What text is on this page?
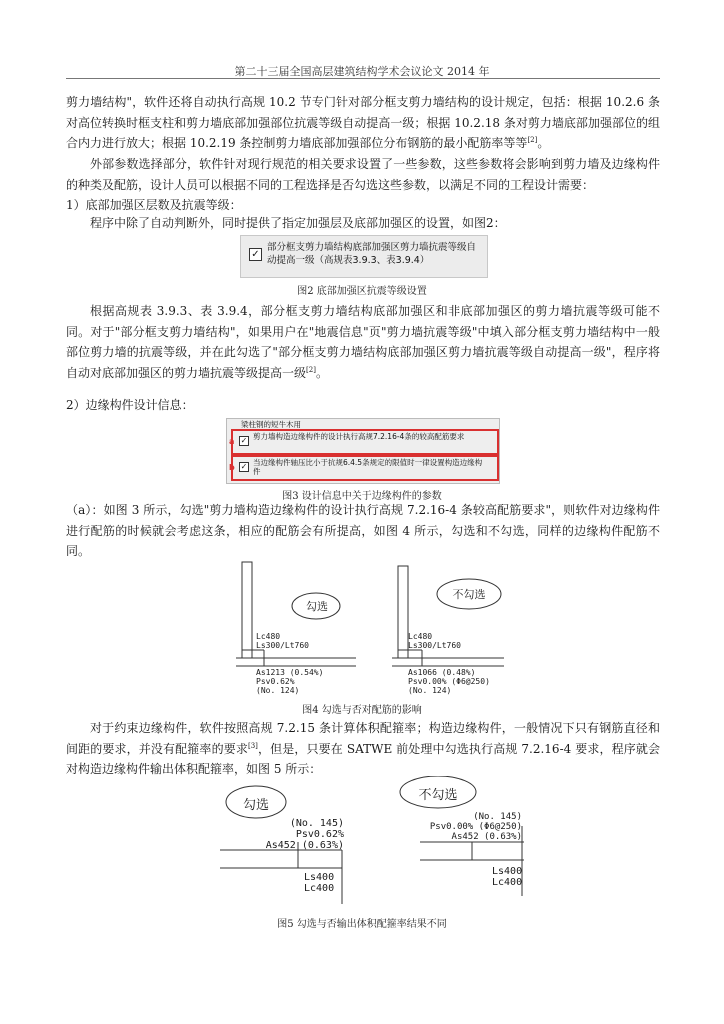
第二十三届全国高层建筑结构学术会议论文 2014 年
剪力墙结构"，软件还将自动执行高规 10.2 节专门针对部分框支剪力墙结构的设计规定，包括：根据 10.2.6 条对高位转换时框支柱和剪力墙底部加强部位抗震等级自动提高一级；根据 10.2.18 条对剪力墙底部加强部位的组合内力进行放大；根据 10.2.19 条控制剪力墙底部加强部位分布钢筋的最小配筋率等等[2]。
外部参数选择部分，软件针对现行规范的相关要求设置了一些参数，这些参数将会影响到剪力墙及边缘构件的种类及配筋，设计人员可以根据不同的工程选择是否勾选这些参数，以满足不同的工程设计需要：
1）底部加强区层数及抗震等级：
程序中除了自动判断外，同时提供了指定加强层及底部加强区的设置，如图2：
✓
部分框支剪力墙结构底部加强区剪力墙抗震等级自动提高一级（高规表3.9.3、表3.9.4）
图2 底部加强区抗震等级设置
根据高规表 3.9.3、表 3.9.4，部分框支剪力墙结构底部加强区和非底部加强区的剪力墙抗震等级可能不同。对于"部分框支剪力墙结构"，如果用户在"地震信息"页"剪力墙抗震等级"中填入部分框支剪力墙结构中一般部位剪力墙的抗震等级，并在此勾选了"部分框支剪力墙结构底部加强区剪力墙抗震等级自动提高一级"，程序将自动对底部加强区的剪力墙抗震等级提高一级[2]。
2）边缘构件设计信息：
梁柱钢的短牛木用
a ✓ 剪力墙构造边缘构件的设计执行高规7.2.16-4条的较高配筋要求
b ✓ 当边缘构件轴压比小于抗规6.4.5条规定的限值时一律设置构造边缘构件
图3 设计信息中关于边缘构件的参数
（a）：如图 3 所示，勾选"剪力墙构造边缘构件的设计执行高规 7.2.16-4 条较高配筋要求"，则软件对边缘构件进行配筋的时候就会考虑这条，相应的配筋会有所提高，如图 4 所示，勾选和不勾选，同样的边缘构件配筋不同。
勾选
不勾选
Lc480
Ls300/Lt760
As1213 (0.54%)
Psv0.62%
(No. 124)
Lc480
Ls300/Lt760
As1066 (0.48%)
Psv0.00% (Φ6@250)
(No. 124)
图4 勾选与否对配筋的影响
对于约束边缘构件，软件按照高规 7.2.15 条计算体积配箍率；构造边缘构件，一般情况下只有钢筋直径和间距的要求，并没有配箍率的要求[3]，但是，只要在 SATWE 前处理中勾选执行高规 7.2.16-4 要求，程序就会对构造边缘构件输出体积配箍率，如图 5 所示：
勾选
不勾选
(No. 145)
Psv0.62%
As452 (0.63%)
Ls400
Lc400
(No. 145)
Psv0.00% (Φ6@250)
As452 (0.63%)
Ls400
Lc400
图5 勾选与否输出体积配箍率结果不同
